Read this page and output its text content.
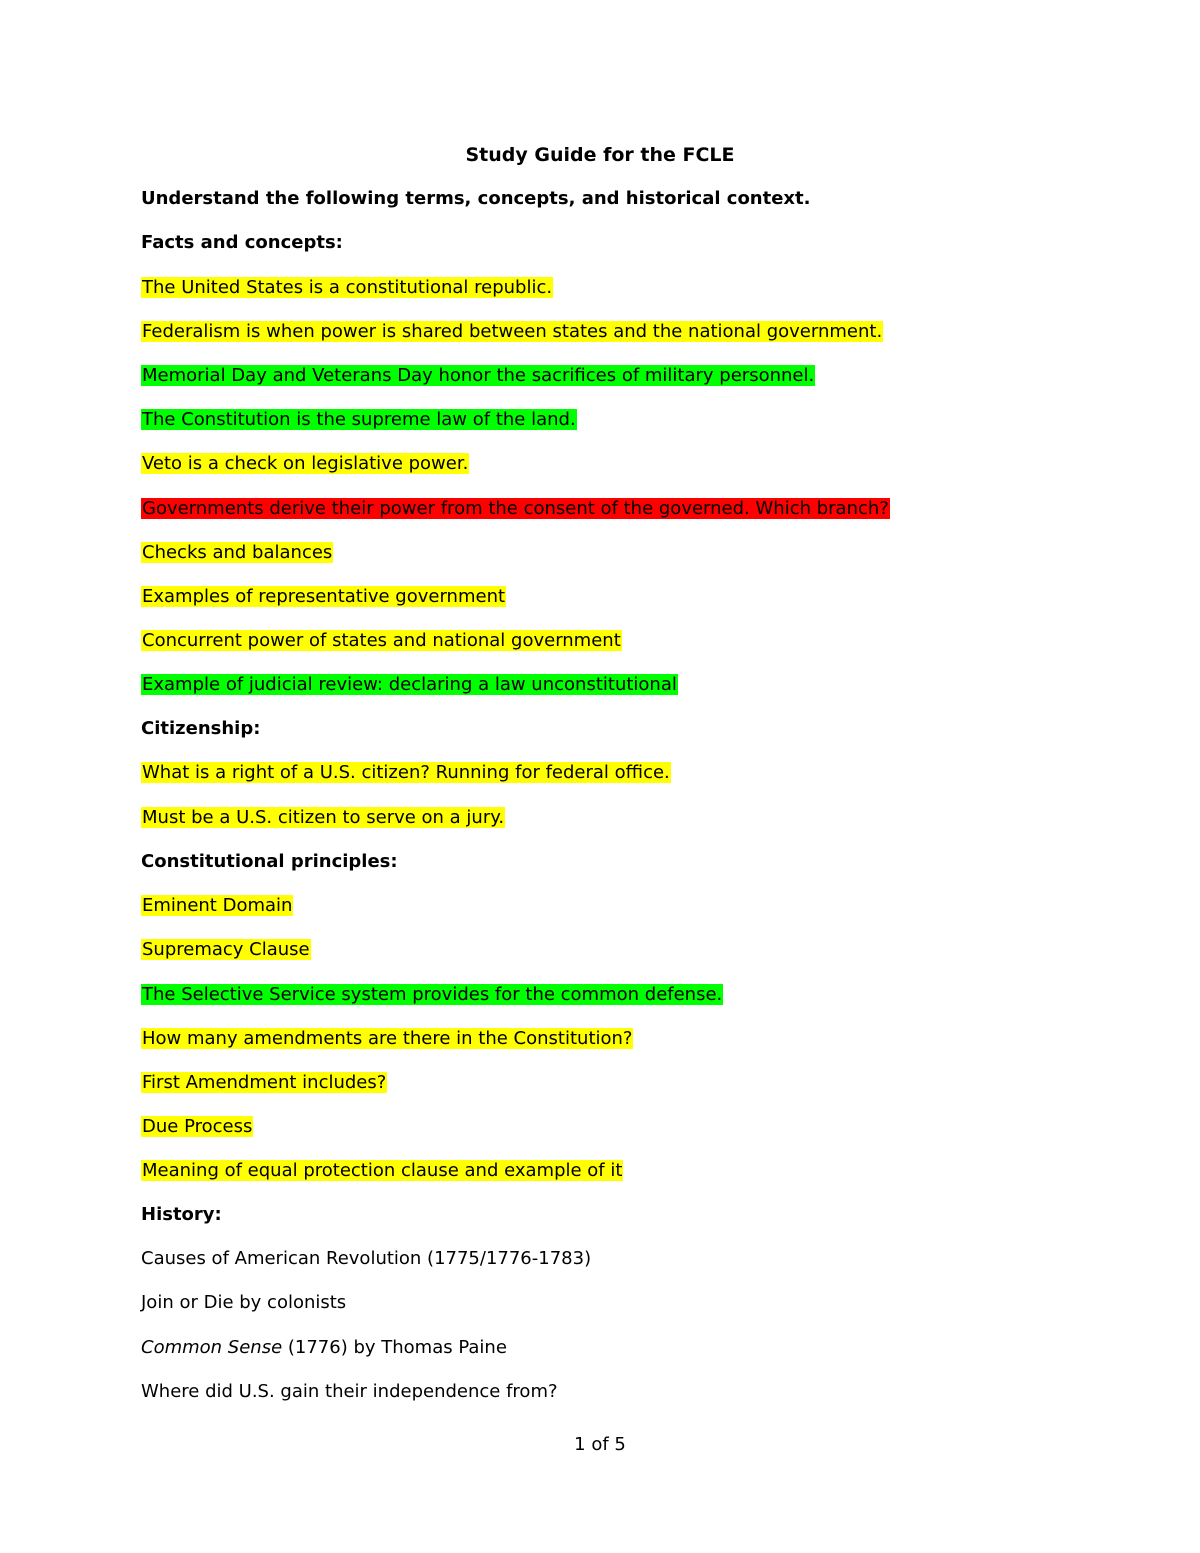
Study Guide for the FCLE
Understand the following terms, concepts, and historical context.
Facts and concepts:
The United States is a constitutional republic.
Federalism is when power is shared between states and the national government.
Memorial Day and Veterans Day honor the sacrifices of military personnel.
The Constitution is the supreme law of the land.
Veto is a check on legislative power.
Governments derive their power from the consent of the governed. Which branch?
Checks and balances
Examples of representative government
Concurrent power of states and national government
Example of judicial review: declaring a law unconstitutional
Citizenship:
What is a right of a U.S. citizen? Running for federal office.
Must be a U.S. citizen to serve on a jury.
Constitutional principles:
Eminent Domain
Supremacy Clause
The Selective Service system provides for the common defense.
How many amendments are there in the Constitution?
First Amendment includes?
Due Process
Meaning of equal protection clause and example of it
History:
Causes of American Revolution (1775/1776-1783)
Join or Die by colonists
Common Sense (1776) by Thomas Paine
Where did U.S. gain their independence from?
1 of 5
